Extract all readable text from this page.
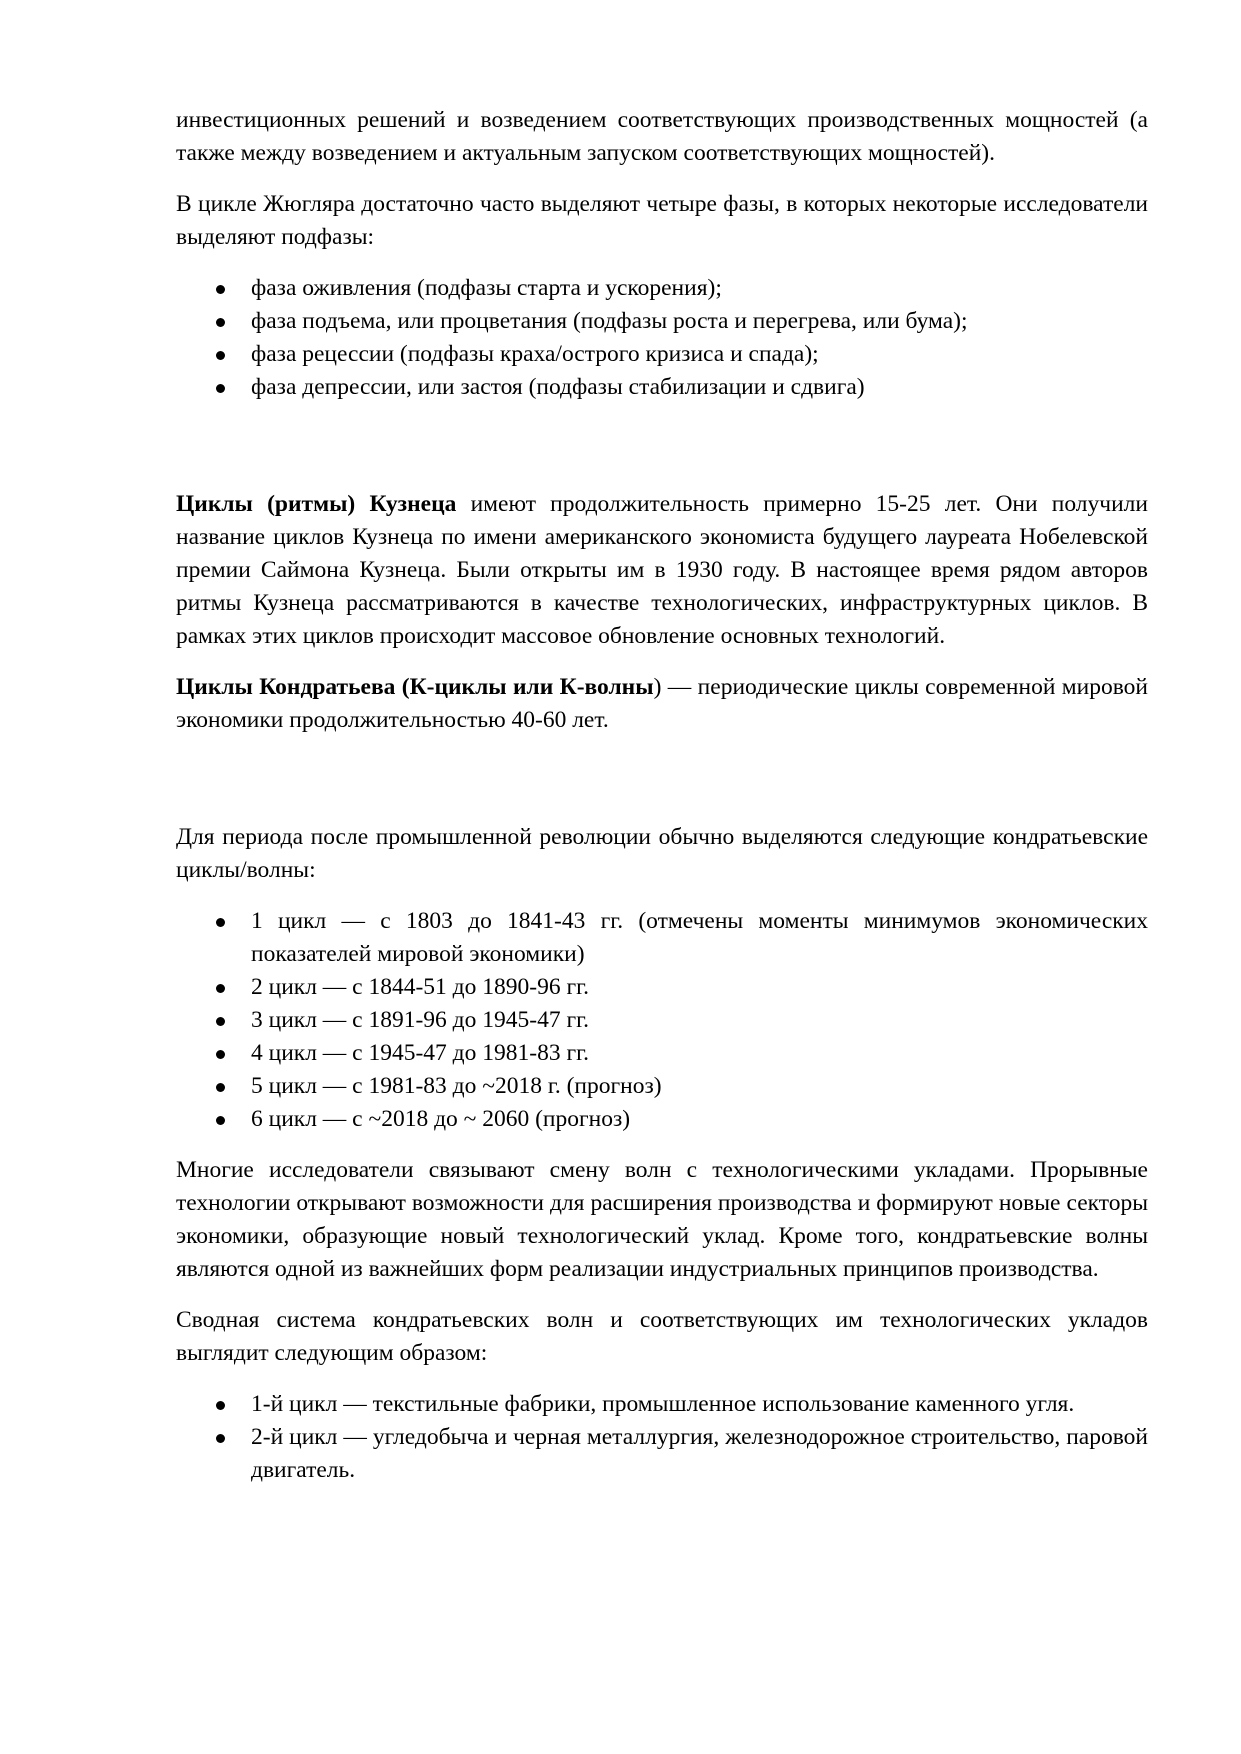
инвестиционных решений и возведением соответствующих производственных мощностей (а также между возведением и актуальным запуском соответствующих мощностей).

В цикле Жюгляра достаточно часто выделяют четыре фазы, в которых некоторые исследователи выделяют подфазы:

фаза оживления (подфазы старта и ускорения);
фаза подъема, или процветания (подфазы роста и перегрева, или бума);
фаза рецессии (подфазы краха/острого кризиса и спада);
фаза депрессии, или застоя (подфазы стабилизации и сдвига)

Циклы (ритмы) Кузнеца имеют продолжительность примерно 15-25 лет. Они получили название циклов Кузнеца по имени американского экономиста будущего лауреата Нобелевской премии Саймона Кузнеца. Были открыты им в 1930 году. В настоящее время рядом авторов ритмы Кузнеца рассматриваются в качестве технологических, инфраструктурных циклов. В рамках этих циклов происходит массовое обновление основных технологий.

Циклы Кондратьева (К-циклы или К-волны) — периодические циклы современной мировой экономики продолжительностью 40-60 лет.

Для периода после промышленной революции обычно выделяются следующие кондратьевские циклы/волны:

1 цикл — с 1803 до 1841-43 гг. (отмечены моменты минимумов экономических показателей мировой экономики)
2 цикл — с 1844-51 до 1890-96 гг.
3 цикл — с 1891-96 до 1945-47 гг.
4 цикл — с 1945-47 до 1981-83 гг.
5 цикл — с 1981-83 до ~2018 г. (прогноз)
6 цикл — с ~2018 до ~ 2060 (прогноз)

Многие исследователи связывают смену волн с технологическими укладами. Прорывные технологии открывают возможности для расширения производства и формируют новые секторы экономики, образующие новый технологический уклад. Кроме того, кондратьевские волны являются одной из важнейших форм реализации индустриальных принципов производства.

Сводная система кондратьевских волн и соответствующих им технологических укладов выглядит следующим образом:

1-й цикл — текстильные фабрики, промышленное использование каменного угля.
2-й цикл — угледобыча и черная металлургия, железнодорожное строительство, паровой двигатель.
